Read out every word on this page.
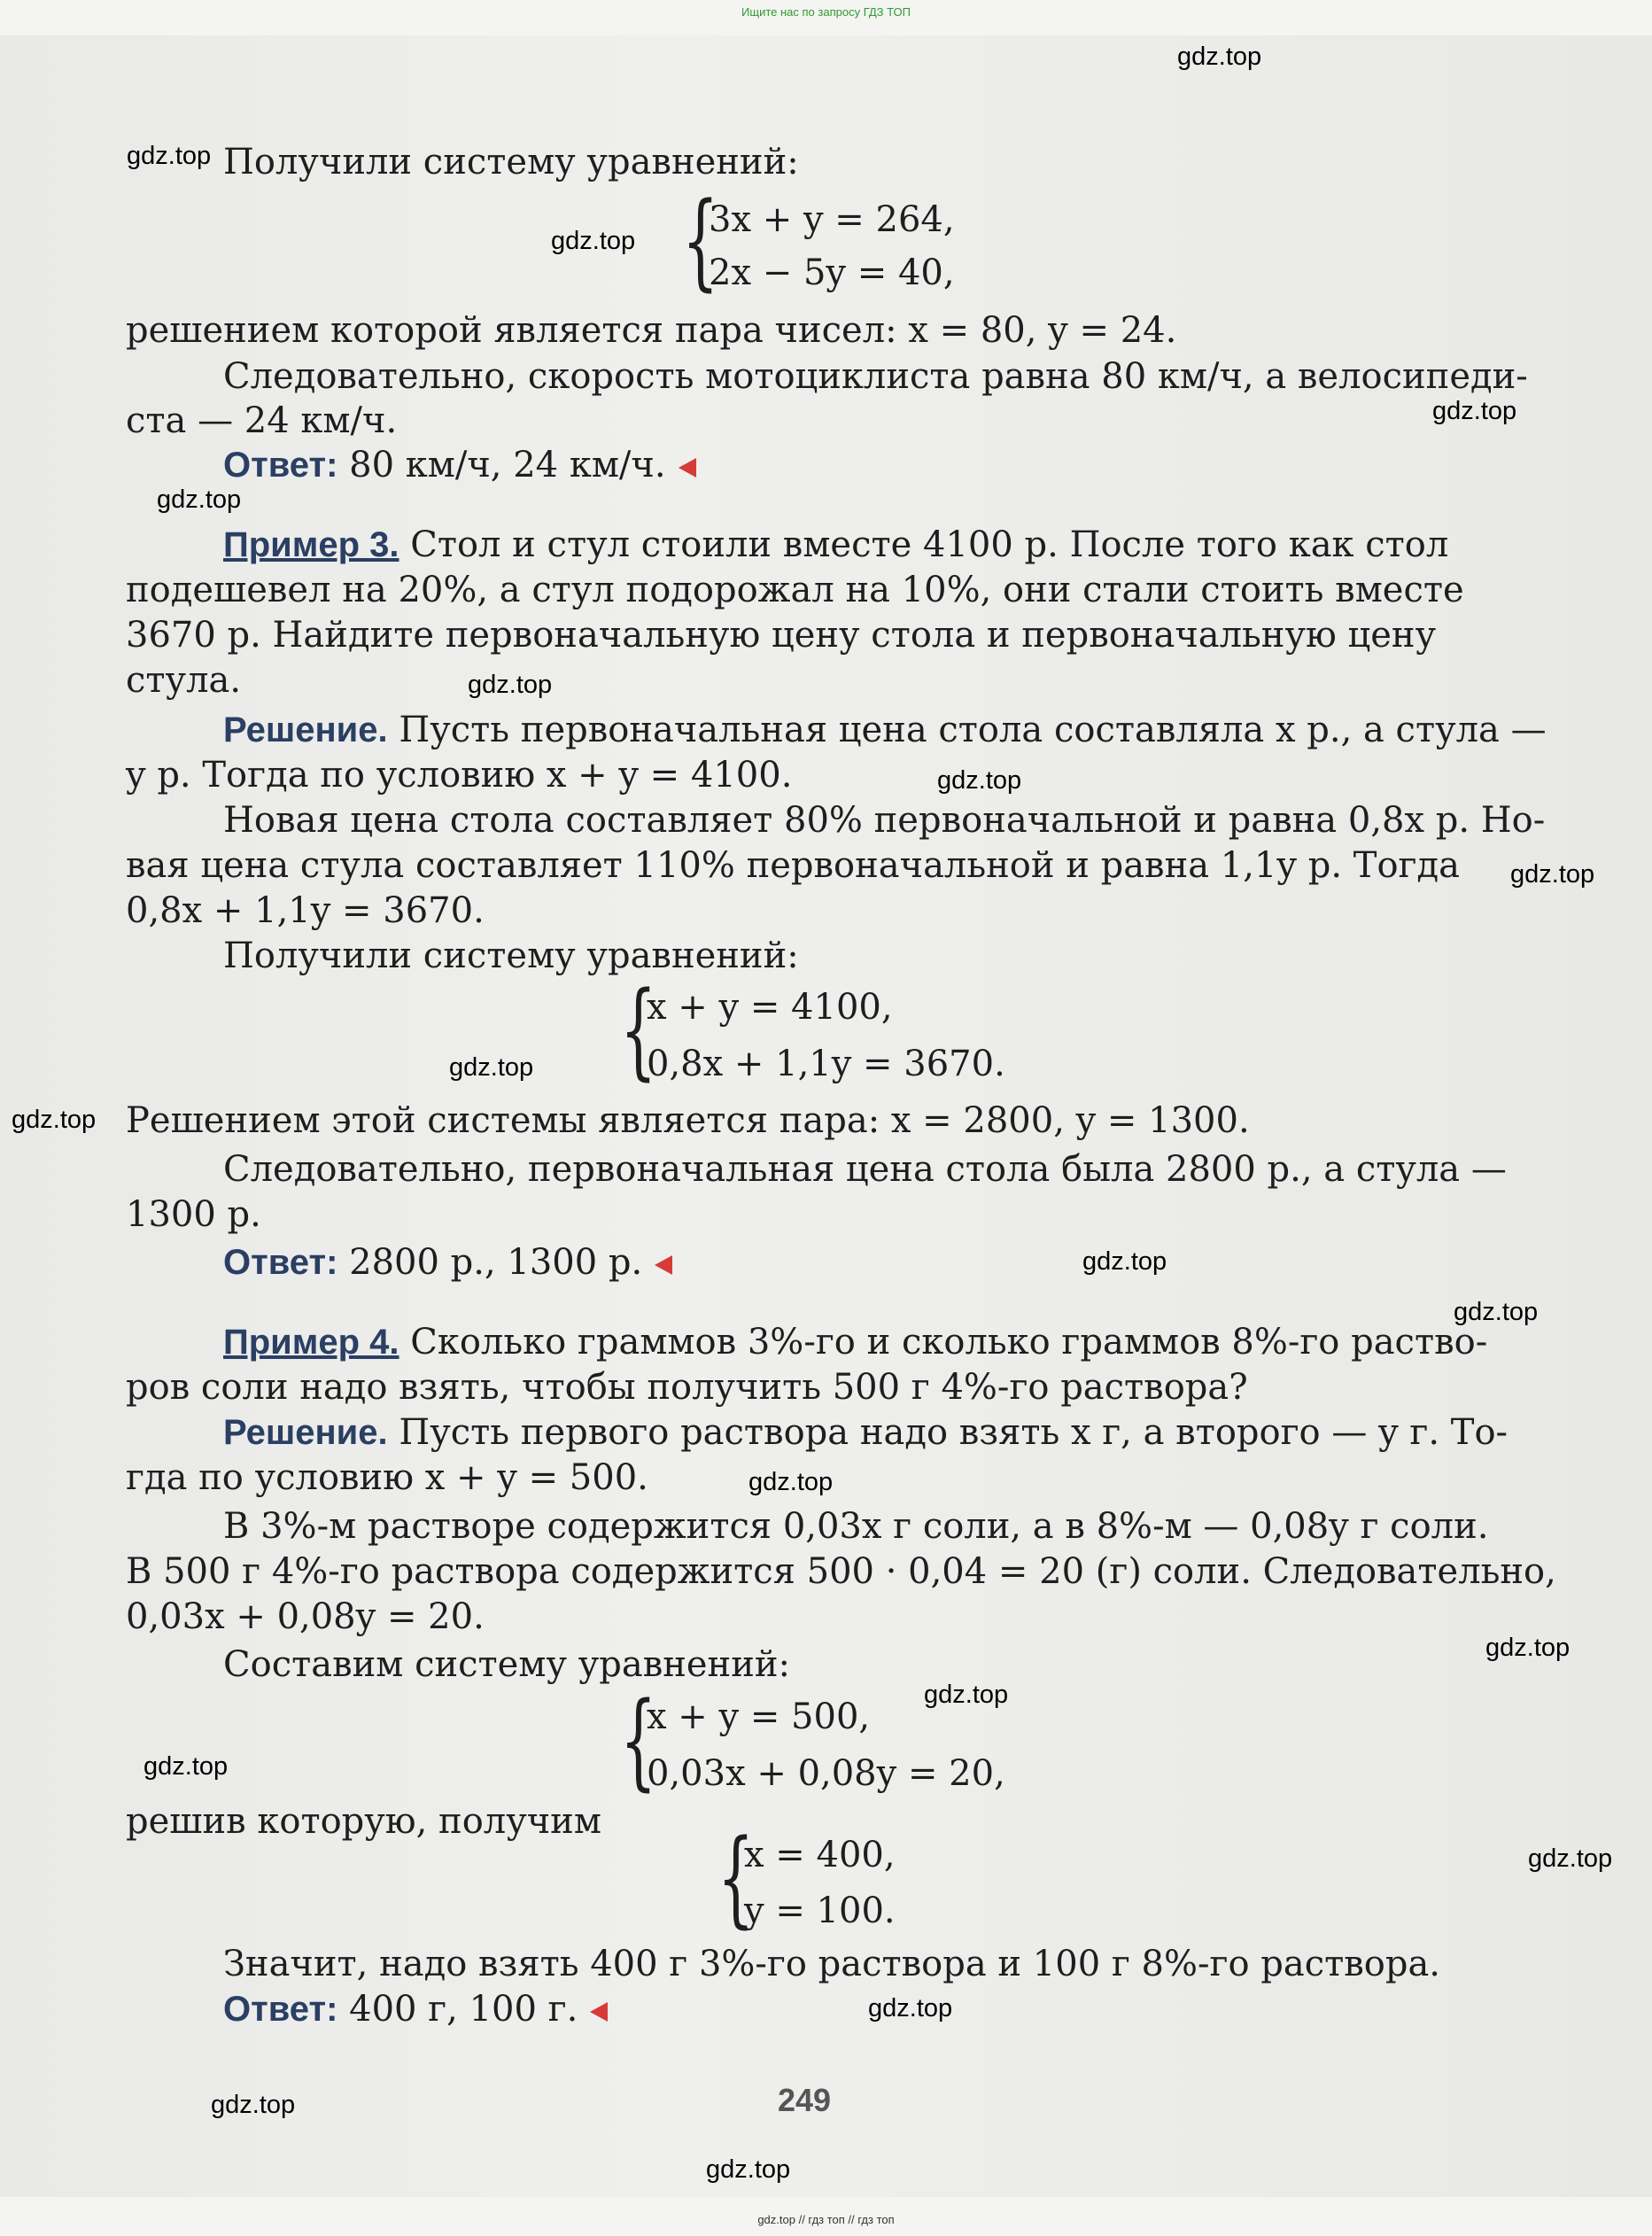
Ищите нас по запросу ГДЗ ТОП
Получили систему уравнений:
{
3x + y = 264,
2x − 5y = 40,
решением которой является пара чисел: x = 80, y = 24.
Следовательно, скорость мотоциклиста равна 80 км/ч, а велосипеди-
ста — 24 км/ч.
Ответ: 80 км/ч, 24 км/ч.
Пример 3. Стол и стул стоили вместе 4100 р. После того как стол
подешевел на 20%, а стул подорожал на 10%, они стали стоить вместе
3670 р. Найдите первоначальную цену стола и первоначальную цену
стула.
Решение. Пусть первоначальная цена стола составляла x р., а стула —
y р. Тогда по условию x + y = 4100.
Новая цена стола составляет 80% первоначальной и равна 0,8x р. Но-
вая цена стула составляет 110% первоначальной и равна 1,1y р. Тогда
0,8x + 1,1y = 3670.
Получили систему уравнений:
{
x + y = 4100,
0,8x + 1,1y = 3670.
Решением этой системы является пара: x = 2800, y = 1300.
Следовательно, первоначальная цена стола была 2800 р., а стула —
1300 р.
Ответ: 2800 р., 1300 р.
Пример 4. Сколько граммов 3%-го и сколько граммов 8%-го раство-
ров соли надо взять, чтобы получить 500 г 4%-го раствора?
Решение. Пусть первого раствора надо взять x г, а второго — y г. То-
гда по условию x + y = 500.
В 3%-м растворе содержится 0,03x г соли, а в 8%-м — 0,08y г соли.
В 500 г 4%-го раствора содержится 500 · 0,04 = 20 (г) соли. Следовательно,
0,03x + 0,08y = 20.
Составим систему уравнений:
{
x + y = 500,
0,03x + 0,08y = 20,
решив которую, получим {
x = 400,
y = 100.
Значит, надо взять 400 г 3%-го раствора и 100 г 8%-го раствора.
Ответ: 400 г, 100 г.
249
gdz.top
gdz.top
gdz.top
gdz.top
gdz.top
gdz.top
gdz.top
gdz.top
gdz.top
gdz.top
gdz.top
gdz.top
gdz.top
gdz.top
gdz.top
gdz.top
gdz.top
gdz.top
gdz.top
gdz.top
gdz.top // гдз топ // гдз топ
